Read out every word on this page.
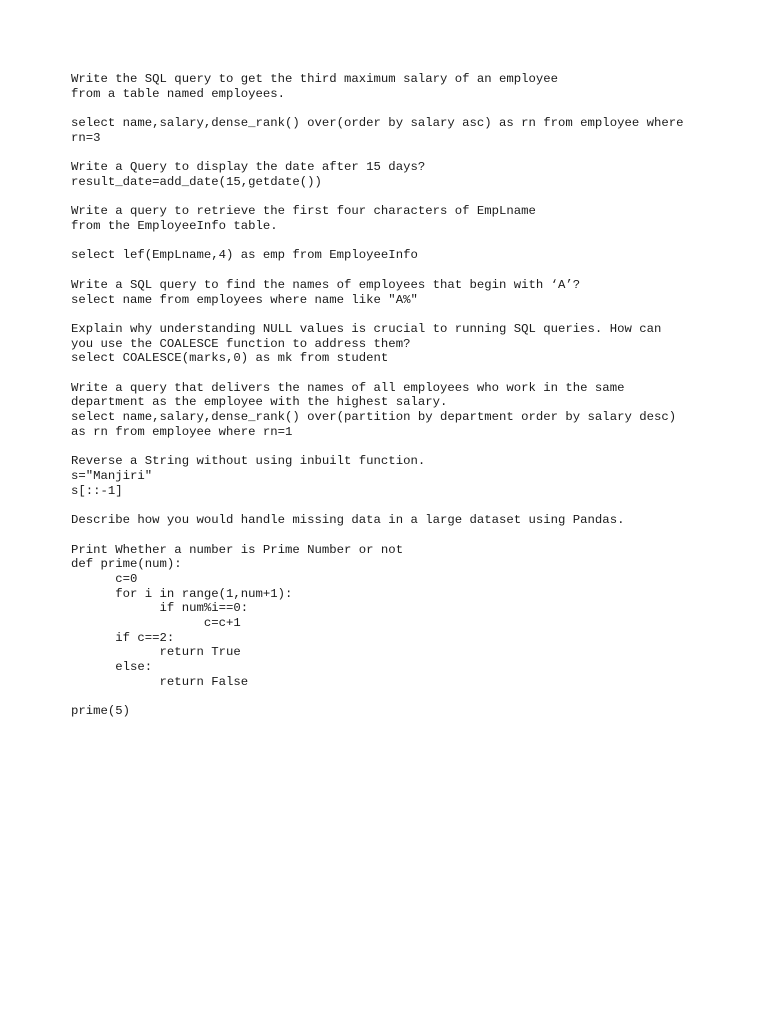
Write the SQL query to get the third maximum salary of an employee
from a table named employees.

select name,salary,dense_rank() over(order by salary asc) as rn from employee where
rn=3

Write a Query to display the date after 15 days?
result_date=add_date(15,getdate())

Write a query to retrieve the first four characters of EmpLname
from the EmployeeInfo table.

select lef(EmpLname,4) as emp from EmployeeInfo

Write a SQL query to find the names of employees that begin with ‘A’?
select name from employees where name like "A%"

Explain why understanding NULL values is crucial to running SQL queries. How can
you use the COALESCE function to address them?
select COALESCE(marks,0) as mk from student

Write a query that delivers the names of all employees who work in the same
department as the employee with the highest salary.
select name,salary,dense_rank() over(partition by department order by salary desc)
as rn from employee where rn=1

Reverse a String without using inbuilt function.
s="Manjiri"
s[::-1]

Describe how you would handle missing data in a large dataset using Pandas.

Print Whether a number is Prime Number or not
def prime(num):
c=0
for i in range(1,num+1):
if num%i==0:
c=c+1
if c==2:
return True
else:
return False

prime(5)
